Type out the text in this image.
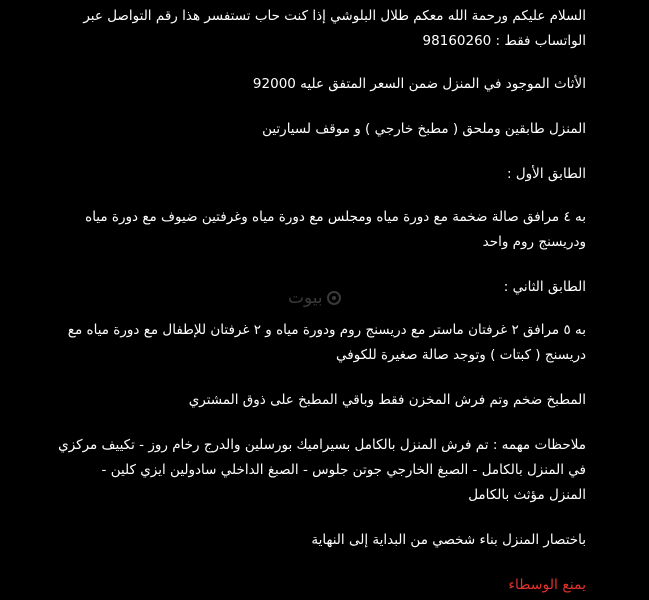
السلام عليكم ورحمة الله معكم طلال البلوشي إذا كنت حاب تستفسر هذا رقم التواصل عبر
الواتساب فقط : 98160260
الأثاث الموجود في المنزل ضمن السعر المتفق عليه 92000
المنزل طابقين وملحق ( مطبخ خارجي ) و موقف لسيارتين
الطابق الأول :
به ٤ مرافق صالة ضخمة مع دورة مياه ومجلس مع دورة مياه وغرفتين ضيوف مع دورة مياه
ودريسنج روم واحد
الطابق الثاني :
به ٥ مرافق ٢ غرفتان ماستر مع دريسنج روم ودورة مياه و ٢ غرفتان للإطفال مع دورة مياه مع
دريسنج ( كبتات ) وتوجد صالة صغيرة للكوفي
المطبخ ضخم وتم فرش المخزن فقط وباقي المطبخ على ذوق المشتري
ملاحظات مهمه : تم فرش المنزل بالكامل بسيراميك بورسلين والدرج رخام روز - تكييف مركزي
في المنزل بالكامل - الصبغ الخارجي جوتن جلوس - الصبغ الداخلي سادولين ايزي كلين -
المنزل مؤثث بالكامل
باختصار المنزل بناء شخصي من البداية إلى النهاية
يمنع الوسطاء
بيوت
